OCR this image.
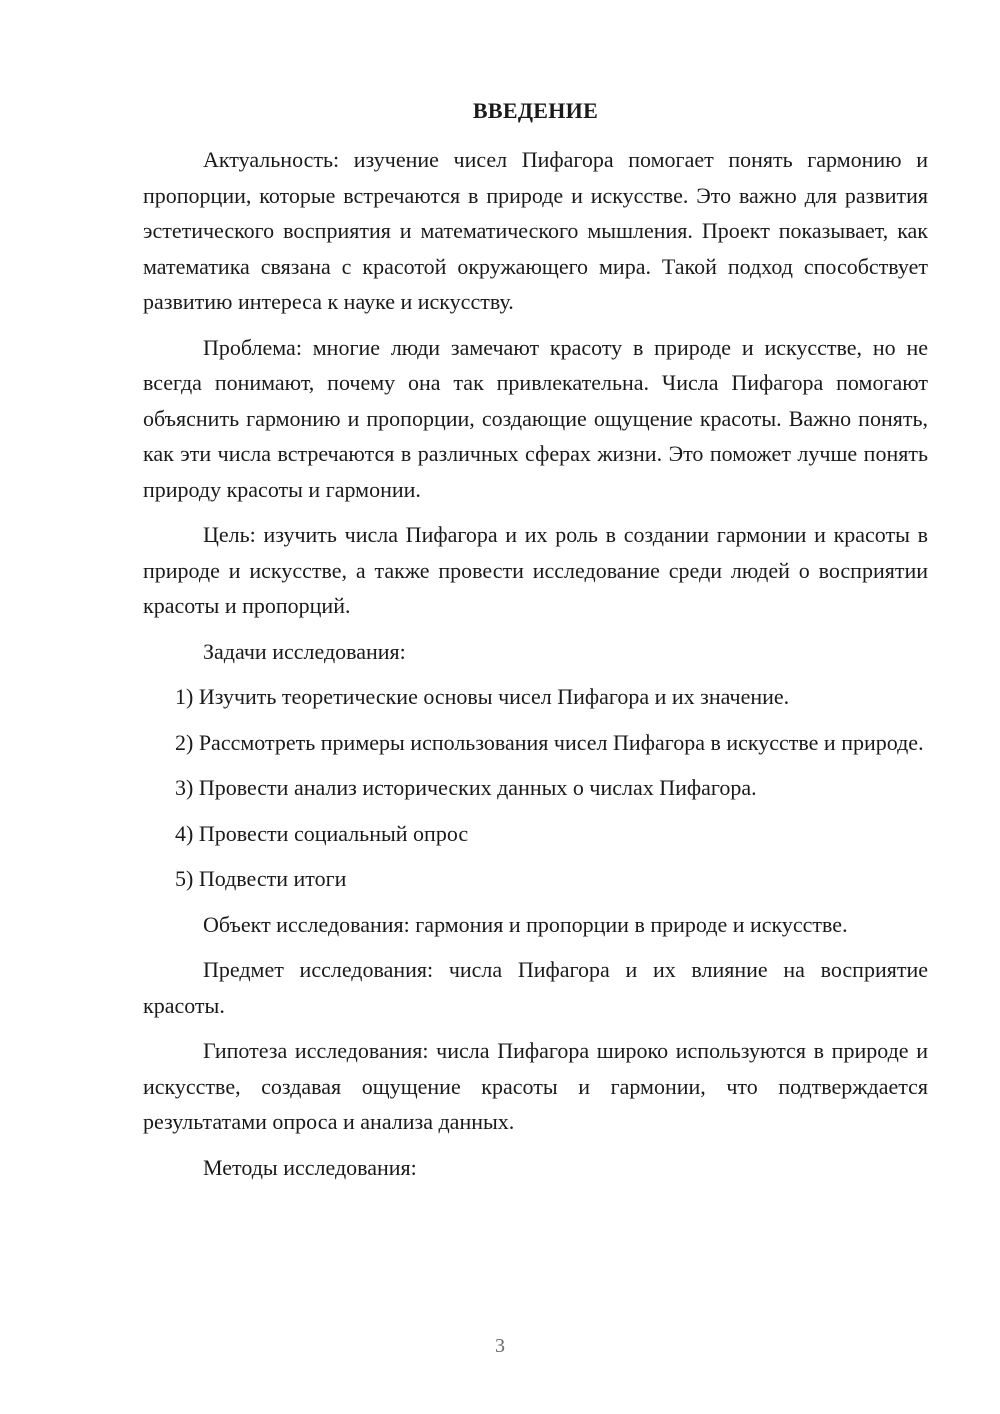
ВВЕДЕНИЕ

Актуальность: изучение чисел Пифагора помогает понять гармонию и пропорции, которые встречаются в природе и искусстве. Это важно для развития эстетического восприятия и математического мышления. Проект показывает, как математика связана с красотой окружающего мира. Такой подход способствует развитию интереса к науке и искусству.

Проблема: многие люди замечают красоту в природе и искусстве, но не всегда понимают, почему она так привлекательна. Числа Пифагора помогают объяснить гармонию и пропорции, создающие ощущение красоты. Важно понять, как эти числа встречаются в различных сферах жизни. Это поможет лучше понять природу красоты и гармонии.

Цель: изучить числа Пифагора и их роль в создании гармонии и красоты в природе и искусстве, а также провести исследование среди людей о восприятии красоты и пропорций.

Задачи исследования:

1) Изучить теоретические основы чисел Пифагора и их значение.

2) Рассмотреть примеры использования чисел Пифагора в искусстве и природе.

3) Провести анализ исторических данных о числах Пифагора.

4) Провести социальный опрос

5) Подвести итоги

Объект исследования: гармония и пропорции в природе и искусстве.

Предмет исследования: числа Пифагора и их влияние на восприятие красоты.

Гипотеза исследования: числа Пифагора широко используются в природе и искусстве, создавая ощущение красоты и гармонии, что подтверждается результатами опроса и анализа данных.

Методы исследования:

3
